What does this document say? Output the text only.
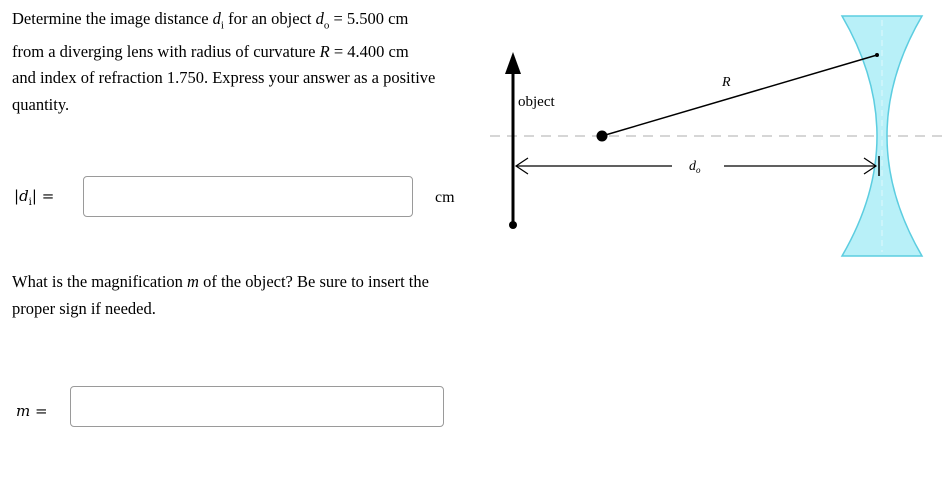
Determine the image distance $d_i$ for an object $d_o = 5.500$ cm
from a diverging lens with radius of curvature R = 4.400 cm
and index of refraction 1.750. Express your answer as a positive quantity.
$|d_i|$ =	cm
What is the magnification m of the object? Be sure to insert the proper sign if needed.
m =
object
R
$d_o$
